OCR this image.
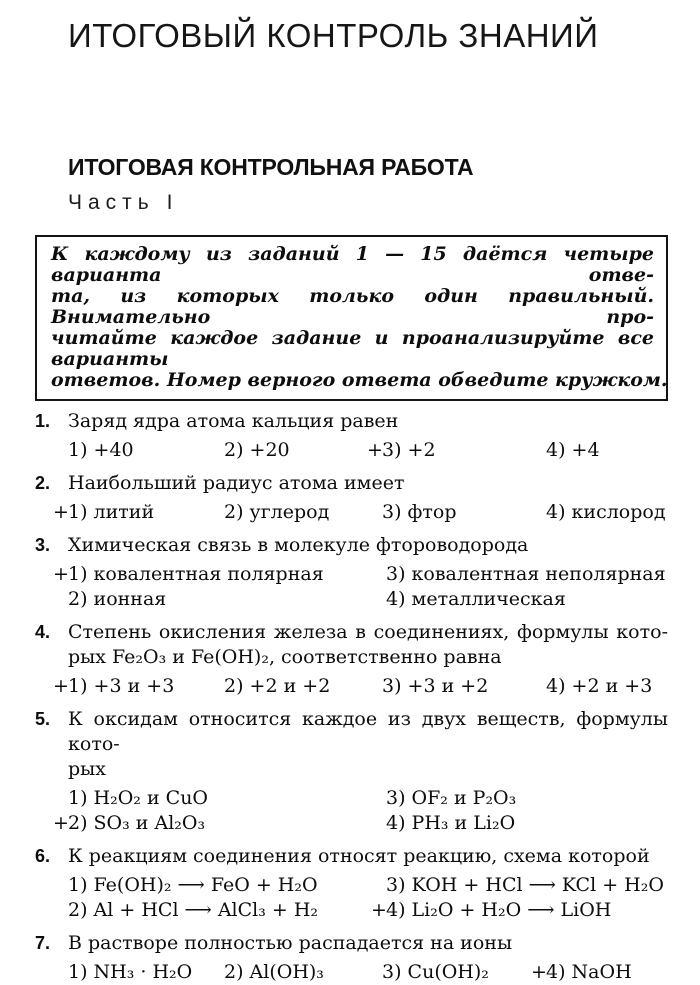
ИТОГОВЫЙ КОНТРОЛЬ ЗНАНИЙ
ИТОГОВАЯ КОНТРОЛЬНАЯ РАБОТА
Часть I
К каждому из заданий 1 — 15 даётся четыре варианта отве-
та, из которых только один правильный. Внимательно про-
читайте каждое задание и проанализируйте все варианты
ответов. Номер верного ответа обведите кружком.
1. Заряд ядра атома кальция равен
1) +40	2) +20	+ 3) +2	4) +4
2. Наибольший радиус атома имеет
+ 1) литий	2) углерод	3) фтор	4) кислород
3. Химическая связь в молекуле фтороводорода
+ 1) ковалентная полярная	3) ковалентная неполярная
2) ионная	4) металлическая
4. Степень окисления железа в соединениях, формулы кото-
рых Fe₂O₃ и Fe(OH)₂, соответственно равна
+ 1) +3 и +3	2) +2 и +2	3) +3 и +2	4) +2 и +3
5. К оксидам относится каждое из двух веществ, формулы кото-
рых
1) H₂O₂ и CuO	3) OF₂ и P₂O₃
+ 2) SO₃ и Al₂O₃	4) PH₃ и Li₂O
6. К реакциям соединения относят реакцию, схема которой
1) Fe(OH)₂ ⟶ FeO + H₂O	3) KOH + HCl ⟶ KCl + H₂O
2) Al + HCl ⟶ AlCl₃ + H₂	+ 4) Li₂O + H₂O ⟶ LiOH
7. В растворе полностью распадается на ионы
1) NH₃ · H₂O	2) Al(OH)₃	3) Cu(OH)₂	+ 4) NaOH
